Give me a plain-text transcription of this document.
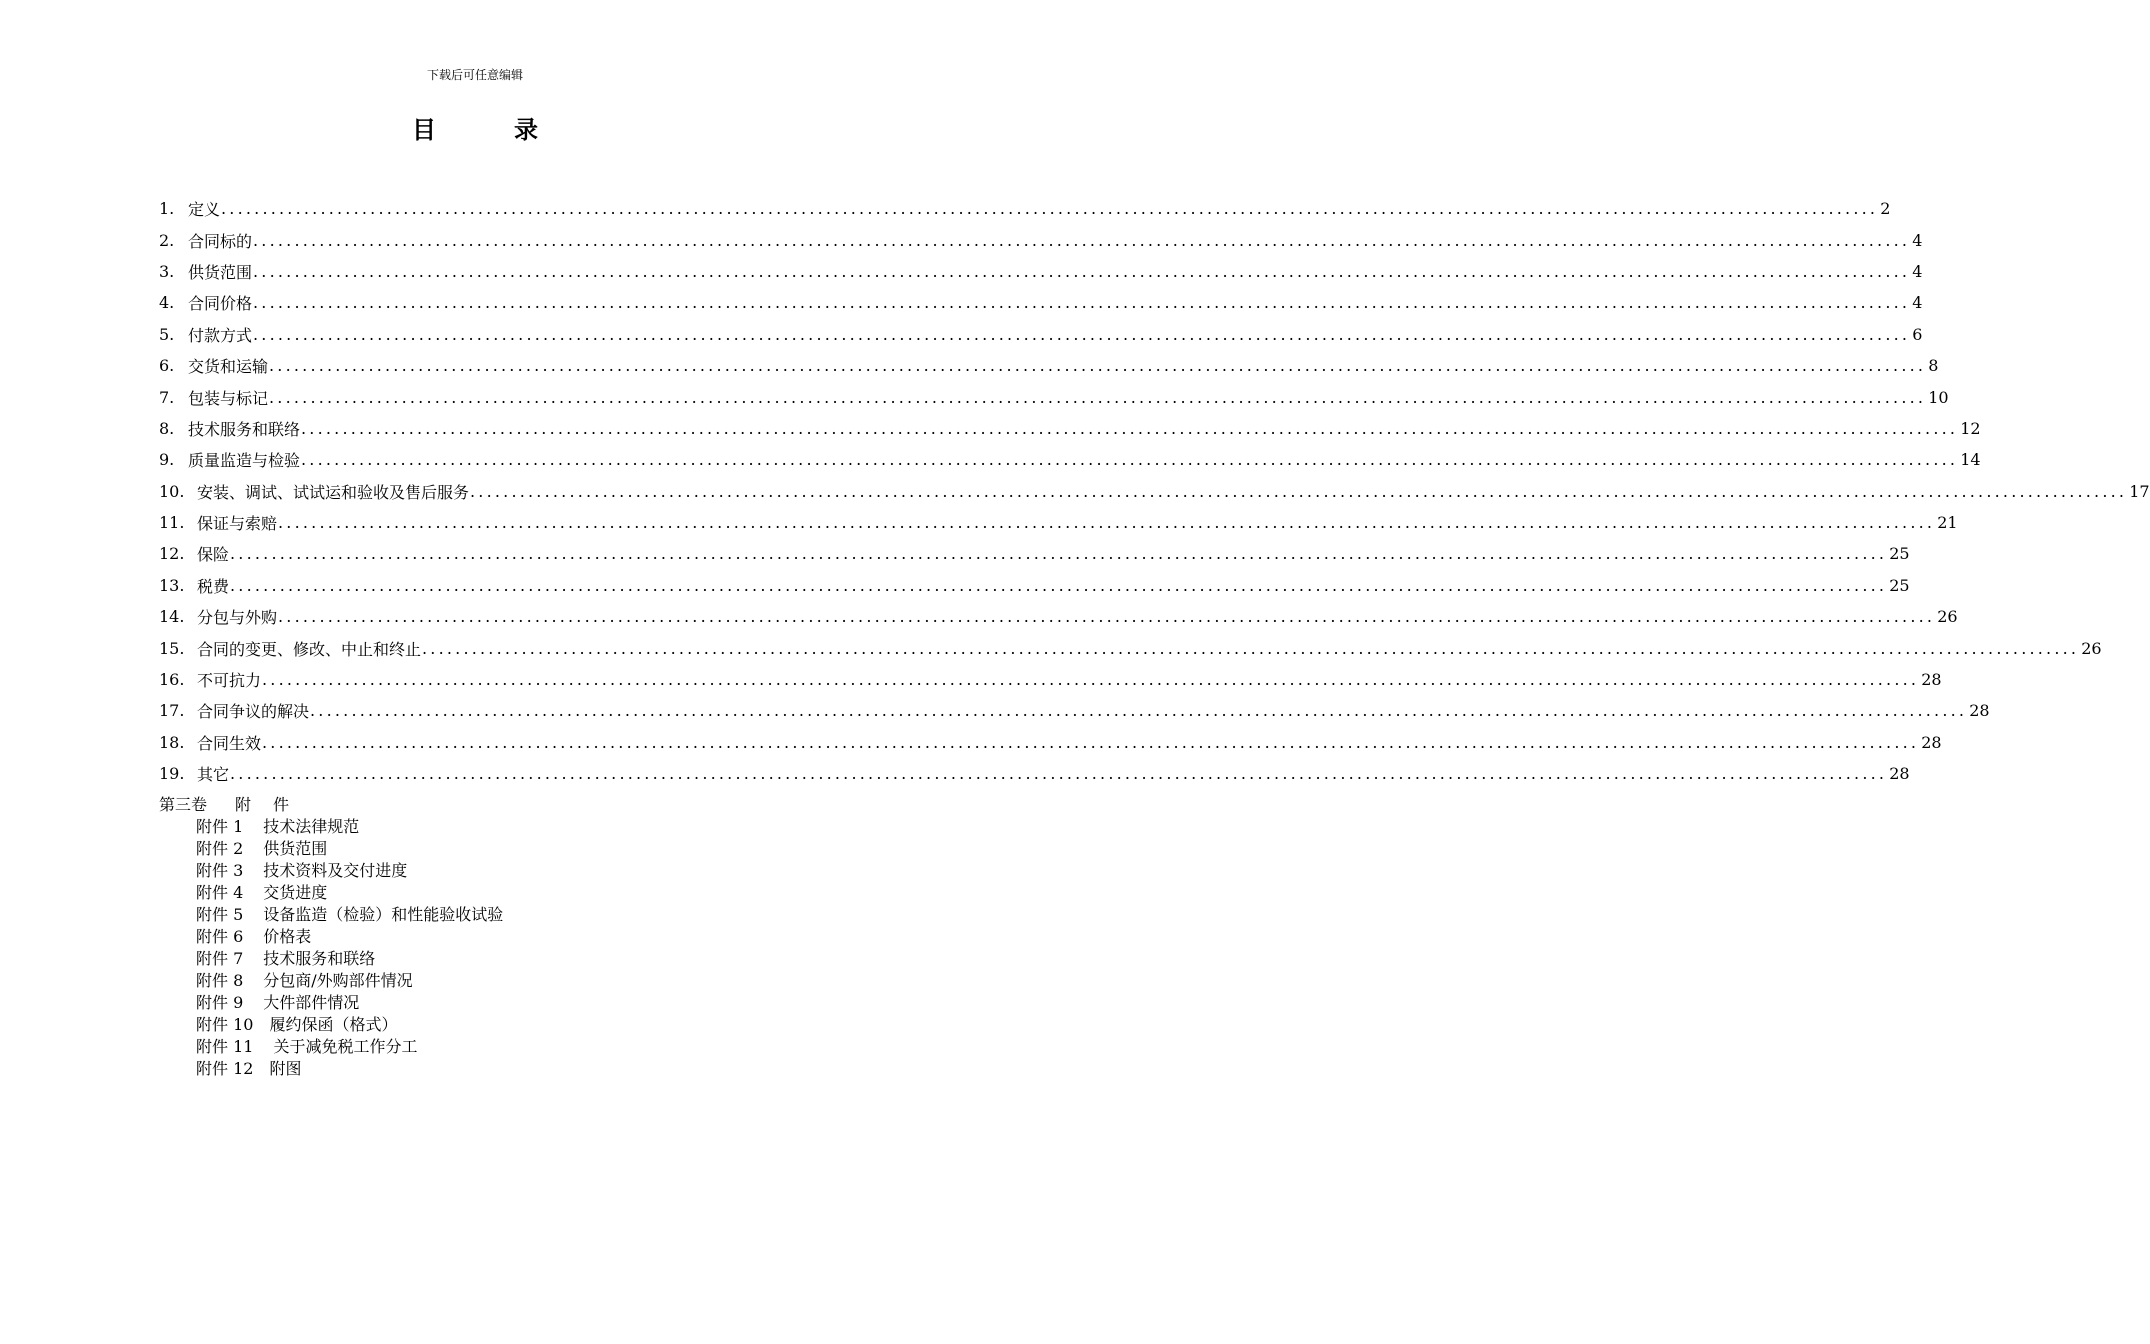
下载后可任意编辑
目	录
1. 定义 ........................................................................................................................................................................................................ 2
2. 合同标的 ........................................................................................................................................................................................................ 4
3. 供货范围 ........................................................................................................................................................................................................ 4
4. 合同价格 ........................................................................................................................................................................................................ 4
5. 付款方式 ........................................................................................................................................................................................................ 6
6. 交货和运输 ........................................................................................................................................................................................................ 8
7. 包装与标记 ........................................................................................................................................................................................................ 10
8. 技术服务和联络 ........................................................................................................................................................................................................ 12
9. 质量监造与检验 ........................................................................................................................................................................................................ 14
10. 安装、调试、试试运和验收及售后服务 ........................................................................................................................................................................................................ 17
11. 保证与索赔 ........................................................................................................................................................................................................ 21
12. 保险 ........................................................................................................................................................................................................ 25
13. 税费 ........................................................................................................................................................................................................ 25
14. 分包与外购 ........................................................................................................................................................................................................ 26
15. 合同的变更、修改、中止和终止 ........................................................................................................................................................................................................ 26
16. 不可抗力 ........................................................................................................................................................................................................ 28
17. 合同争议的解决 ........................................................................................................................................................................................................ 28
18. 合同生效 ........................................................................................................................................................................................................ 28
19. 其它 ........................................................................................................................................................................................................ 28
第三卷 附 件
附件 1 技术法律规范
附件 2 供货范围
附件 3 技术资料及交付进度
附件 4 交货进度
附件 5 设备监造（检验）和性能验收试验
附件 6 价格表
附件 7 技术服务和联络
附件 8 分包商/外购部件情况
附件 9 大件部件情况
附件 10 履约保函（格式）
附件 11 关于减免税工作分工
附件 12 附图
